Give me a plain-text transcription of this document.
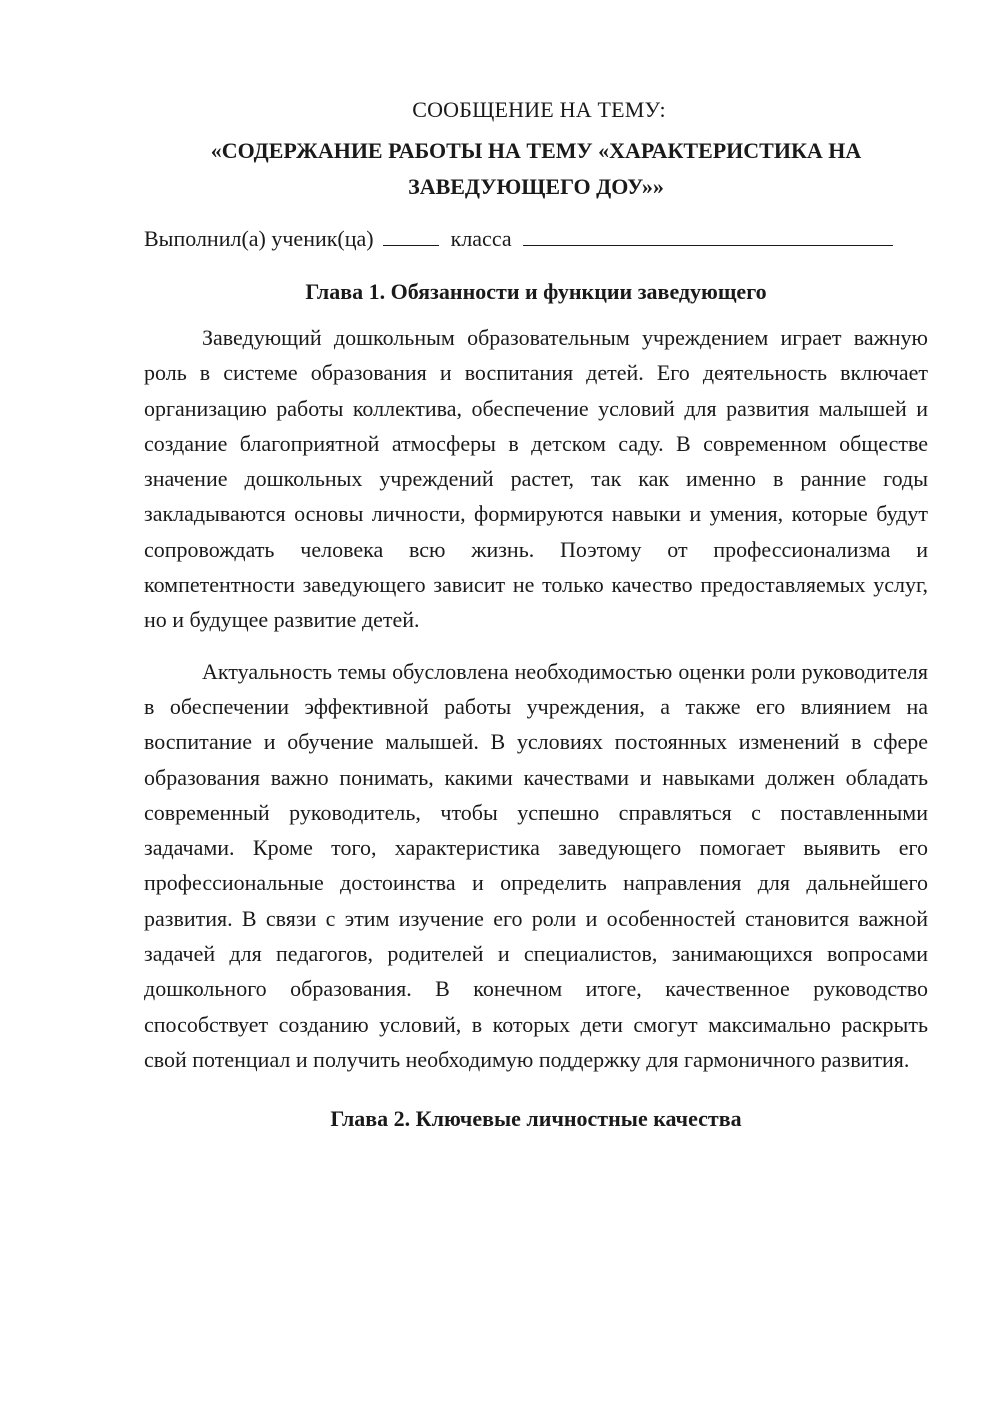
СООБЩЕНИЕ НА ТЕМУ:

«СОДЕРЖАНИЕ РАБОТЫ НА ТЕМУ «ХАРАКТЕРИСТИКА НА ЗАВЕДУЮЩЕГО ДОУ»»

Выполнил(а) ученик(ца)	класса

Глава 1. Обязанности и функции заведующего

Заведующий дошкольным образовательным учреждением играет важную роль в системе образования и воспитания детей. Его деятельность включает организацию работы коллектива, обеспечение условий для развития малышей и создание благоприятной атмосферы в детском саду. В современном обществе значение дошкольных учреждений растет, так как именно в ранние годы закладываются основы личности, формируются навыки и умения, которые будут сопровождать человека всю жизнь. Поэтому от профессионализма и компетентности заведующего зависит не только качество предоставляемых услуг, но и будущее развитие детей.

Актуальность темы обусловлена необходимостью оценки роли руководителя в обеспечении эффективной работы учреждения, а также его влиянием на воспитание и обучение малышей. В условиях постоянных изменений в сфере образования важно понимать, какими качествами и навыками должен обладать современный руководитель, чтобы успешно справляться с поставленными задачами. Кроме того, характеристика заведующего помогает выявить его профессиональные достоинства и определить направления для дальнейшего развития. В связи с этим изучение его роли и особенностей становится важной задачей для педагогов, родителей и специалистов, занимающихся вопросами дошкольного образования. В конечном итоге, качественное руководство способствует созданию условий, в которых дети смогут максимально раскрыть свой потенциал и получить необходимую поддержку для гармоничного развития.

Глава 2. Ключевые личностные качества
